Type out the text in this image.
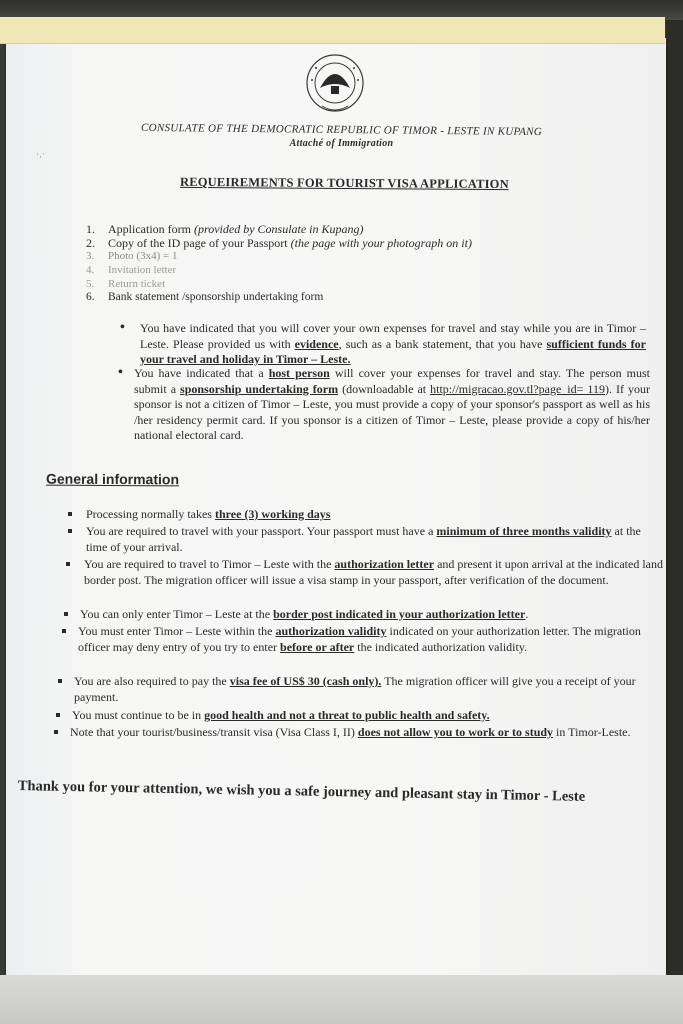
CONSULATE OF THE DEMOCRATIC REPUBLIC OF TIMOR - LESTE IN KUPANG
Attaché of Immigration
˙·˙
REQUEIREMENTS FOR TOURIST VISA APPLICATION
1. Application form (provided by Consulate in Kupang)
2. Copy of the ID page of your Passport (the page with your photograph on it)
3. Photo (3x4) = 1
4. Invitation letter
5. Return ticket
6. Bank statement /sponsorship undertaking form
• You have indicated that you will cover your own expenses for travel and stay while you are in Timor – Leste. Please provided us with evidence, such as a bank statement, that you have sufficient funds for your travel and holiday in Timor – Leste.
• You have indicated that a host person will cover your expenses for travel and stay. The person must submit a sponsorship undertaking form (downloadable at http://migracao.gov.tl?page_id= 119). If your sponsor is not a citizen of Timor – Leste, you must provide a copy of your sponsor's passport as well as his /her residency permit card. If you sponsor is a citizen of Timor – Leste, please provide a copy of his/her national electoral card.
General information
Processing normally takes three (3) working days
You are required to travel with your passport. Your passport must have a minimum of three months validity at the time of your arrival.
You are required to travel to Timor – Leste with the authorization letter and present it upon arrival at the indicated land border post. The migration officer will issue a visa stamp in your passport, after verification of the document.
You can only enter Timor – Leste at the border post indicated in your authorization letter.
You must enter Timor – Leste within the authorization validity indicated on your authorization letter. The migration officer may deny entry of you try to enter before or after the indicated authorization validity.
You are also required to pay the visa fee of US$ 30 (cash only). The migration officer will give you a receipt of your payment.
You must continue to be in good health and not a threat to public health and safety.
Note that your tourist/business/transit visa (Visa Class I, II) does not allow you to work or to study in Timor-Leste.
Thank you for your attention, we wish you a safe journey and pleasant stay in Timor - Leste
